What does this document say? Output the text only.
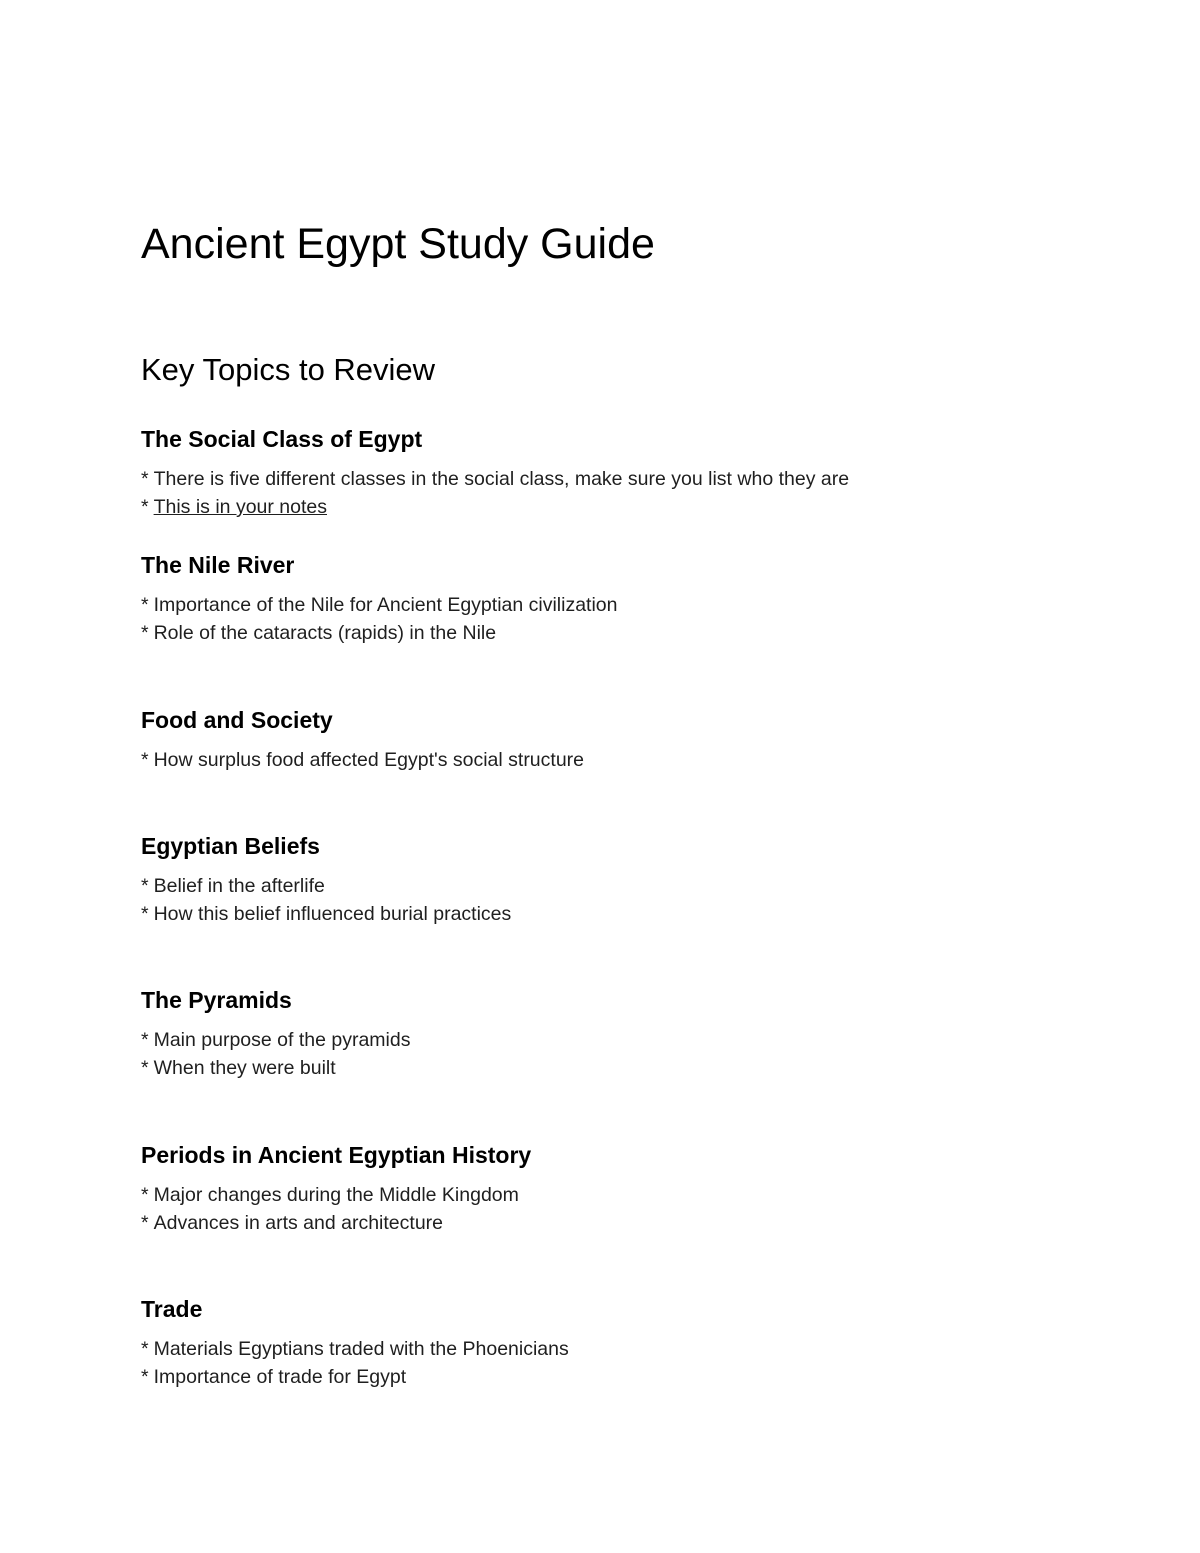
Ancient Egypt Study Guide
Key Topics to Review
The Social Class of Egypt

* There is five different classes in the social class, make sure you list who they are

* This is in your notes

The Nile River

* Importance of the Nile for Ancient Egyptian civilization

* Role of the cataracts (rapids) in the Nile

Food and Society

* How surplus food affected Egypt's social structure

Egyptian Beliefs

* Belief in the afterlife

* How this belief influenced burial practices

The Pyramids

* Main purpose of the pyramids

* When they were built

Periods in Ancient Egyptian History

* Major changes during the Middle Kingdom

* Advances in arts and architecture

Trade

* Materials Egyptians traded with the Phoenicians

* Importance of trade for Egypt
